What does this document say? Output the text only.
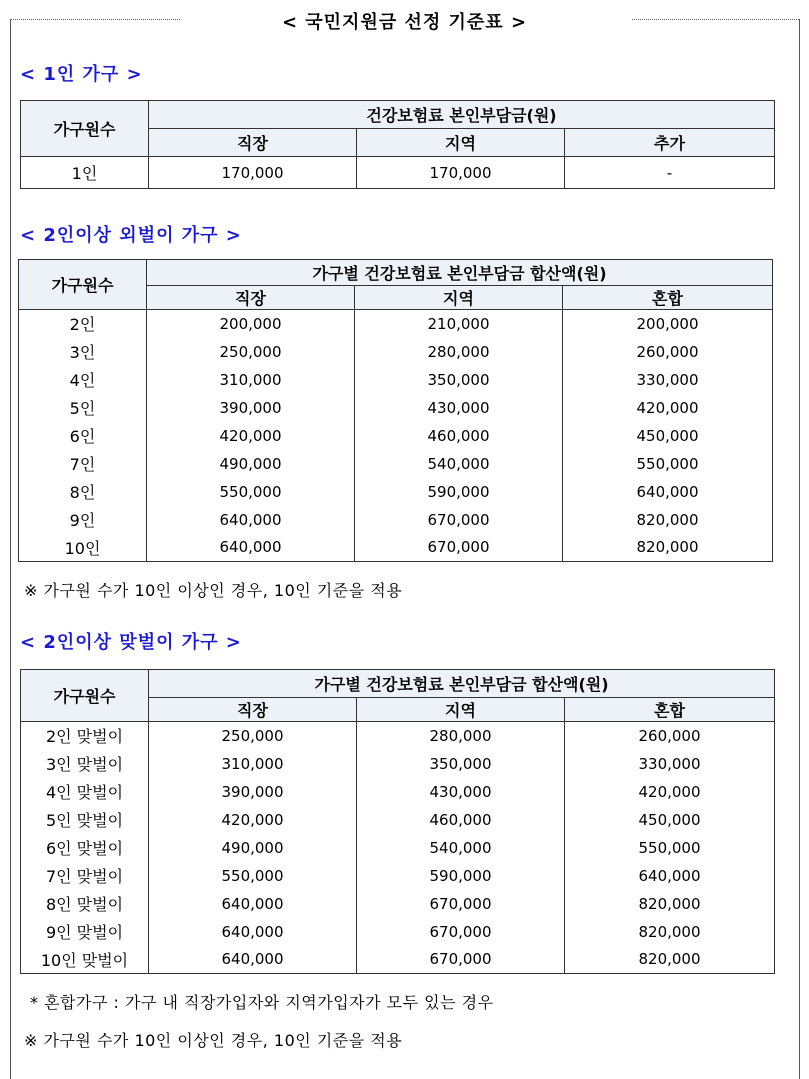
< 국민지원금 선정 기준표 >
< 1인 가구 >
가구원수	건강보험료 본인부담금(원)		
	직장	지역	추가
1인	170,000	170,000	-
< 2인이상 외벌이 가구 >
가구원수	가구별 건강보험료 본인부담금 합산액(원)		
	직장	지역	혼합
2인	200,000	210,000	200,000
3인	250,000	280,000	260,000
4인	310,000	350,000	330,000
5인	390,000	430,000	420,000
6인	420,000	460,000	450,000
7인	490,000	540,000	550,000
8인	550,000	590,000	640,000
9인	640,000	670,000	820,000
10인	640,000	670,000	820,000
※ 가구원 수가 10인 이상인 경우, 10인 기준을 적용
< 2인이상 맞벌이 가구 >
가구원수	가구별 건강보험료 본인부담금 합산액(원)		
	직장	지역	혼합
2인 맞벌이	250,000	280,000	260,000
3인 맞벌이	310,000	350,000	330,000
4인 맞벌이	390,000	430,000	420,000
5인 맞벌이	420,000	460,000	450,000
6인 맞벌이	490,000	540,000	550,000
7인 맞벌이	550,000	590,000	640,000
8인 맞벌이	640,000	670,000	820,000
9인 맞벌이	640,000	670,000	820,000
10인 맞벌이	640,000	670,000	820,000
* 혼합가구 : 가구 내 직장가입자와 지역가입자가 모두 있는 경우
※ 가구원 수가 10인 이상인 경우, 10인 기준을 적용
